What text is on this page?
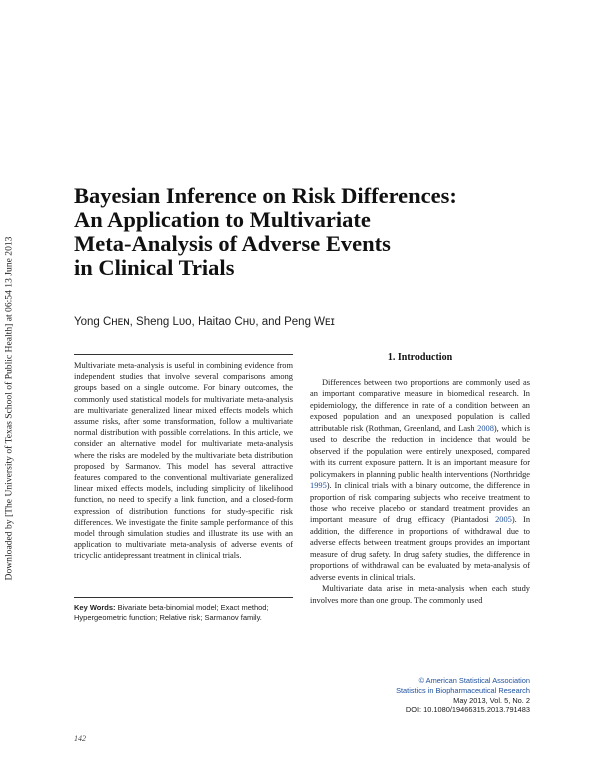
Downloaded by [The University of Texas School of Public Health] at 06:54 13 June 2013
Bayesian Inference on Risk Differences:
An Application to Multivariate
Meta-Analysis of Adverse Events
in Clinical Trials
Yong Cʜᴇɴ, Sheng Lᴜᴏ, Haitao Cʜᴜ, and Peng Wᴇɪ
Multivariate meta-analysis is useful in combining evidence from independent studies that involve several comparisons among groups based on a single outcome. For binary outcomes, the commonly used statistical models for multivariate meta-analysis are multivariate generalized linear mixed effects models which assume risks, after some transformation, follow a multivariate normal distribution with possible correlations. In this article, we consider an alternative model for multivariate meta-analysis where the risks are modeled by the multivariate beta distribution proposed by Sarmanov. This model has several attractive features compared to the conventional multivariate generalized linear mixed effects models, including simplicity of likelihood function, no need to specify a link function, and a closed-form expression of distribution functions for study-specific risk differences. We investigate the finite sample performance of this model through simulation studies and illustrate its use with an application to multivariate meta-analysis of adverse events of tricyclic antidepressant treatment in clinical trials.
Key Words: Bivariate beta-binomial model; Exact method; Hypergeometric function; Relative risk; Sarmanov family.
1. Introduction

Differences between two proportions are commonly used as an important comparative measure in biomedical research. In epidemiology, the difference in rate of a condition between an exposed population and an unexposed population is called attributable risk (Rothman, Greenland, and Lash 2008), which is used to describe the reduction in incidence that would be observed if the population were entirely unexposed, compared with its current exposure pattern. It is an important measure for policymakers in planning public health interventions (Northridge 1995). In clinical trials with a binary outcome, the difference in proportion of risk comparing subjects who receive treatment to those who receive placebo or standard treatment provides an important measure of drug efficacy (Piantadosi 2005). In addition, the difference in proportions of withdrawal due to adverse effects between treatment groups provides an important measure of drug safety. In drug safety studies, the difference in proportions of withdrawal can be evaluated by meta-analysis of adverse events in clinical trials.

Multivariate data arise in meta-analysis when each study involves more than one group. The commonly used

© American Statistical Association
Statistics in Biopharmaceutical Research
May 2013, Vol. 5, No. 2
DOI: 10.1080/19466315.2013.791483
142
